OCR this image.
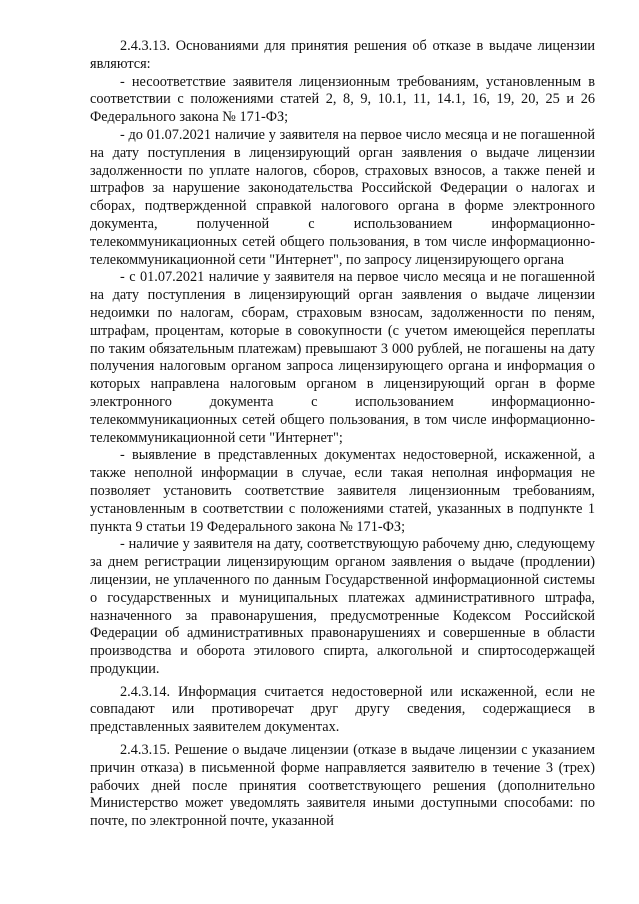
2.4.3.13. Основаниями для принятия решения об отказе в выдаче лицензии являются:

- несоответствие заявителя лицензионным требованиям, установленным в соответствии с положениями статей 2, 8, 9, 10.1, 11, 14.1, 16, 19, 20, 25 и 26 Федерального закона № 171-ФЗ;

- до 01.07.2021 наличие у заявителя на первое число месяца и не погашенной на дату поступления в лицензирующий орган заявления о выдаче лицензии задолженности по уплате налогов, сборов, страховых взносов, а также пеней и штрафов за нарушение законодательства Российской Федерации о налогах и сборах, подтвержденной справкой налогового органа в форме электронного документа, полученной с использованием информационно-телекоммуникационных сетей общего пользования, в том числе информационно-телекоммуникационной сети "Интернет", по запросу лицензирующего органа

- с 01.07.2021 наличие у заявителя на первое число месяца и не погашенной на дату поступления в лицензирующий орган заявления о выдаче лицензии недоимки по налогам, сборам, страховым взносам, задолженности по пеням, штрафам, процентам, которые в совокупности (с учетом имеющейся переплаты по таким обязательным платежам) превышают 3 000 рублей, не погашены на дату получения налоговым органом запроса лицензирующего органа и информация о которых направлена налоговым органом в лицензирующий орган в форме электронного документа с использованием информационно-телекоммуникационных сетей общего пользования, в том числе информационно-телекоммуникационной сети "Интернет";

- выявление в представленных документах недостоверной, искаженной, а также неполной информации в случае, если такая неполная информация не позволяет установить соответствие заявителя лицензионным требованиям, установленным в соответствии с положениями статей, указанных в подпункте 1 пункта 9 статьи 19 Федерального закона № 171-ФЗ;

- наличие у заявителя на дату, соответствующую рабочему дню, следующему за днем регистрации лицензирующим органом заявления о выдаче (продлении) лицензии, не уплаченного по данным Государственной информационной системы о государственных и муниципальных платежах административного штрафа, назначенного за правонарушения, предусмотренные Кодексом Российской Федерации об административных правонарушениях и совершенные в области производства и оборота этилового спирта, алкогольной и спиртосодержащей продукции.

2.4.3.14. Информация считается недостоверной или искаженной, если не совпадают или противоречат друг другу сведения, содержащиеся в представленных заявителем документах.

2.4.3.15. Решение о выдаче лицензии (отказе в выдаче лицензии с указанием причин отказа) в письменной форме направляется заявителю в течение 3 (трех) рабочих дней после принятия соответствующего решения (дополнительно Министерство может уведомлять заявителя иными доступными способами: по почте, по электронной почте, указанной
